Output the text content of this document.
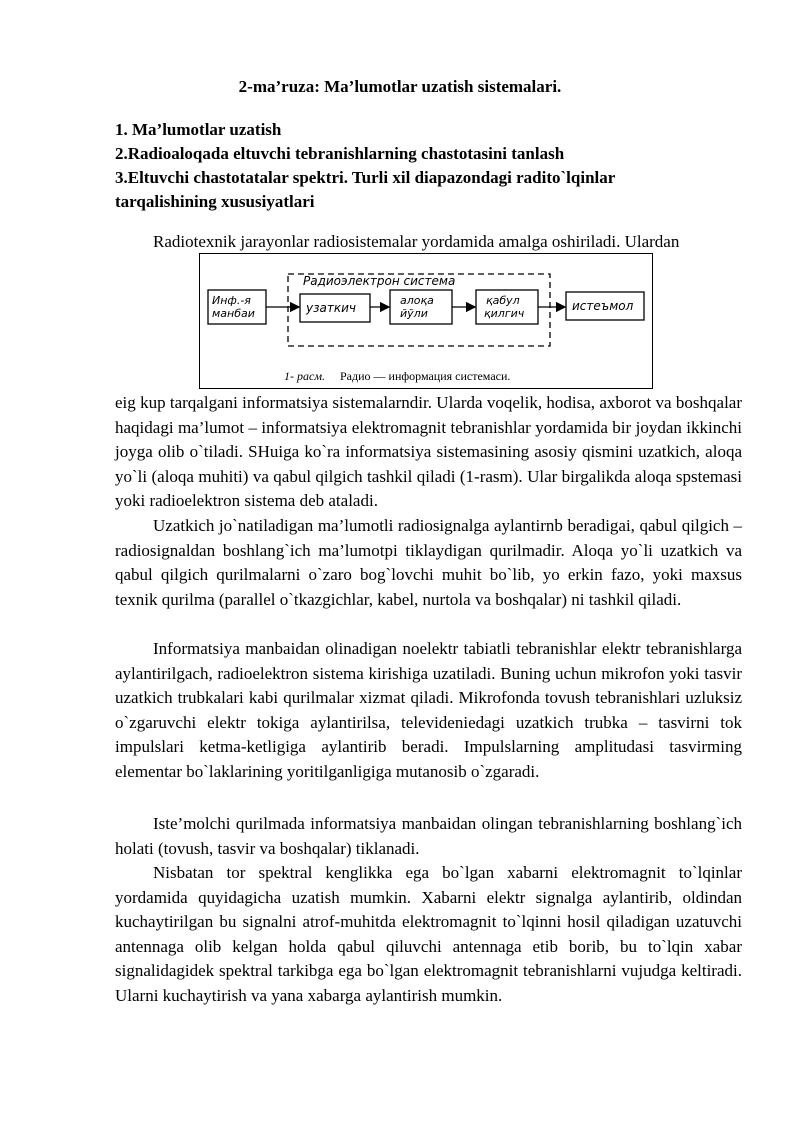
2-ma’ruza: Ma’lumotlar uzatish sistemalari.
1. Ma’lumotlar uzatish
2.Radioaloqada eltuvchi tebranishlarning chastotasini tanlash
3.Eltuvchi chastotatalar spektri. Turli xil diapazondagi radito`lqinlar
tarqalishining xususiyatlari
Radiotexnik jarayonlar radiosistemalar yordamida amalga oshiriladi. Ulardan
Радиоэлектрон система
Инф.-я
манбаи	узаткич
алоқа
йўли
қабул
қилгич
истеъмол
1- расм. Радио — информация системаси.
eig kup tarqalgani informatsiya sistemalarndir. Ularda voqelik, hodisa, axborot va boshqalar haqidagi ma’lumot – informatsiya elektromagnit tebranishlar yordamida bir joydan ikkinchi joyga olib o`tiladi. SHuiga ko`ra informatsiya sistemasining asosiy qismini uzatkich, aloqa yo`li (aloqa muhiti) va qabul qilgich tashkil qiladi (1-rasm). Ular birgalikda aloqa spstemasi yoki radioelektron sistema deb ataladi.
Uzatkich jo`natiladigan ma’lumotli radiosignalga aylantirnb beradigai, qabul qilgich – radiosignaldan boshlang`ich ma’lumotpi tiklaydigan qurilmadir. Aloqa yo`li uzatkich va qabul qilgich qurilmalarni o`zaro bog`lovchi muhit bo`lib, yo erkin fazo, yoki maxsus texnik qurilma (parallel o`tkazgichlar, kabel, nurtola va boshqalar) ni tashkil qiladi.
Informatsiya manbaidan olinadigan noelektr tabiatli tebranishlar elektr tebranishlarga aylantirilgach, radioelektron sistema kirishiga uzatiladi. Buning uchun mikrofon yoki tasvir uzatkich trubkalari kabi qurilmalar xizmat qiladi. Mikrofonda tovush tebranishlari uzluksiz o`zgaruvchi elektr tokiga aylantirilsa, televideniedagi uzatkich trubka – tasvirni tok impulslari ketma-ketligiga aylantirib beradi. Impulslarning amplitudasi tasvirming elementar bo`laklarining yoritilganligiga mutanosib o`zgaradi.
Iste’molchi qurilmada informatsiya manbaidan olingan tebranishlarning boshlang`ich holati (tovush, tasvir va boshqalar) tiklanadi.
Nisbatan tor spektral kenglikka ega bo`lgan xabarni elektromagnit to`lqinlar yordamida quyidagicha uzatish mumkin. Xabarni elektr signalga aylantirib, oldindan kuchaytirilgan bu signalni atrof-muhitda elektromagnit to`lqinni hosil qiladigan uzatuvchi antennaga olib kelgan holda qabul qiluvchi antennaga etib borib, bu to`lqin xabar signalidagidek spektral tarkibga ega bo`lgan elektromagnit tebranishlarni vujudga keltiradi. Ularni kuchaytirish va yana xabarga aylantirish mumkin.
